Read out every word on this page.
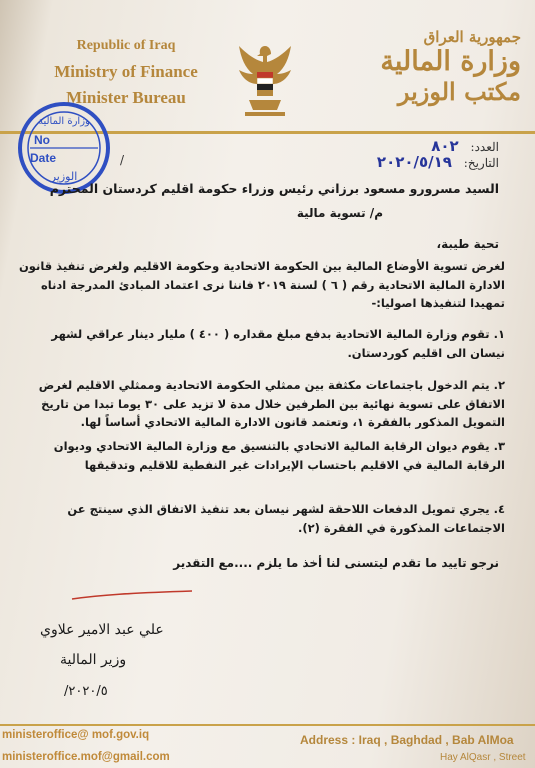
Republic of Iraq
Ministry of Finance
Minister Bureau
جمهورية العراق
وزارة المالية
مكتب الوزير
وزارة المالية
No
Date
الوزير
العدد: ٨٠٢
التاريخ: ٢٠٢٠/٥/١٩
/
السيد مسرورو مسعود برزاني رئيس وزراء حكومة اقليم كردستان المحترم
م/ تسوية مالية
تحية طيبة،
لغرض تسوية الأوضاع المالية بين الحكومة الاتحادية وحكومة الاقليم ولغرض تنفيذ قانون الادارة المالية الاتحادية رقم ( ٦ ) لسنة ٢٠١٩ فاننا نرى اعتماد المبادئ المدرجة ادناه تمهيدا لتنفيذها اصوليا:-
١. تقوم وزارة المالية الاتحادية بدفع مبلغ مقداره ( ٤٠٠ ) مليار دينار عراقي لشهر نيسان الى اقليم كوردستان.
٢. يتم الدخول باجتماعات مكثفة بين ممثلي الحكومة الاتحادية وممثلي الاقليم لغرض الاتفاق على تسوية نهائية بين الطرفين خلال مدة لا تزيد على ٣٠ يوما تبدا من تاريخ التمويل المذكور بالفقرة ١، وتعتمد قانون الادارة المالية الاتحادي أساساً لها.
٣. يقوم ديوان الرقابة المالية الاتحادي بالتنسيق مع وزارة المالية الاتحادي وديوان الرقابة المالية في الاقليم باحتساب الإيرادات غير النفطية للاقليم وتدقيقها
٤. يجري تمويل الدفعات اللاحقة لشهر نيسان بعد تنفيذ الاتفاق الذي سينتج عن الاجتماعات المذكورة في الفقرة (٢).
نرجو تاييد ما تقدم ليتسنى لنا أخذ ما يلزم ....مع التقدير
علي عبد الامير علاوي
وزير المالية
٢٠٢٠/٥/
ministeroffice@ mof.gov.iq
ministeroffice.mof@gmail.com
Address : Iraq , Baghdad , Bab AlMoa
Hay AlQasr , Street
